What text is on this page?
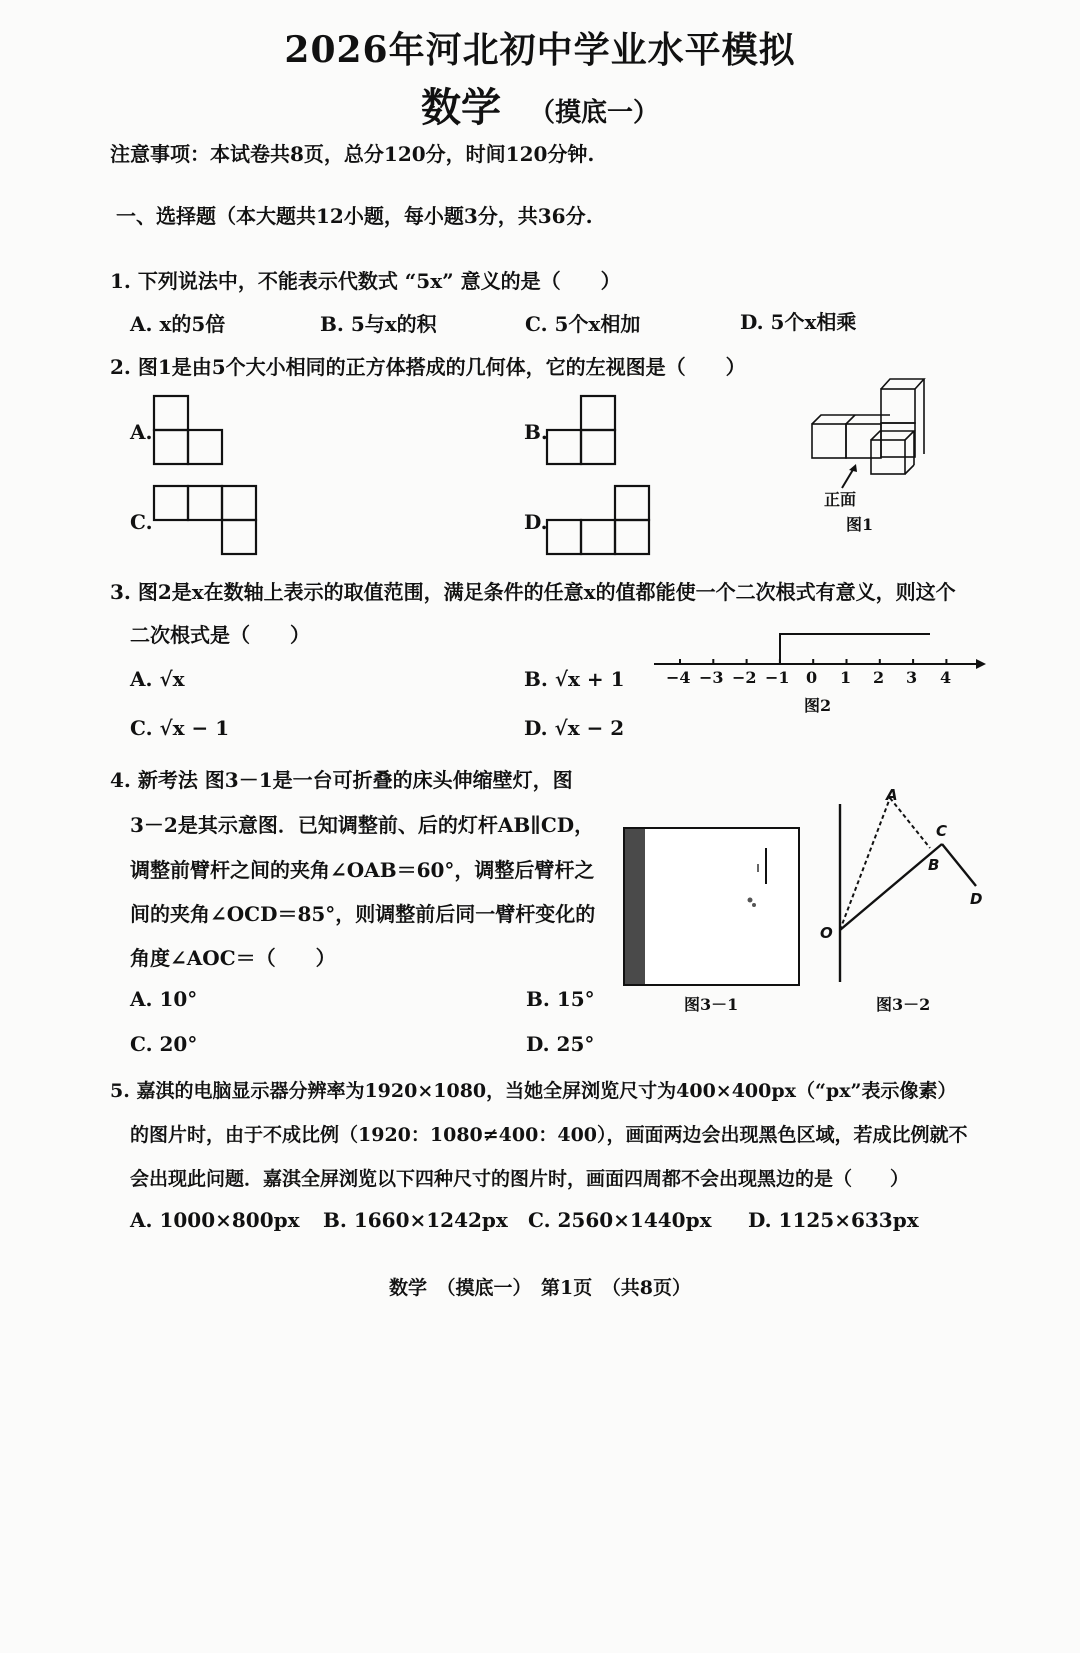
2026年河北初中学业水平模拟
数学 （摸底一）
注意事项：本试卷共8页，总分120分，时间120分钟.
一、选择题（本大题共12小题，每小题3分，共36分.
1. 下列说法中，不能表示代数式 “5x” 意义的是（　　）
A. x的5倍	B. 5与x的积	C. 5个x相加	D. 5个x相乘
2. 图1是由5个大小相同的正方体搭成的几何体，它的左视图是（　　）
A.	B.
C.	D.
正面
图1
3. 图2是x在数轴上表示的取值范围，满足条件的任意x的值都能使一个二次根式有意义，则这个
二次根式是（　　）
A. √x	B. √x + 1
C. √x − 1	D. √x − 2
−4 −3 −2 −1 0 1 2 3 4
图2
4. 新考法 图3－1是一台可折叠的床头伸缩壁灯，图
3－2是其示意图．已知调整前、后的灯杆AB∥CD，
调整前臂杆之间的夹角∠OAB＝60°，调整后臂杆之
间的夹角∠OCD＝85°，则调整前后同一臂杆变化的
角度∠AOC＝（　　）
A. 10°	B. 15°
C. 20°	D. 25°
图3－1
A
C
B
D
O
图3－2
5. 嘉淇的电脑显示器分辨率为1920×1080，当她全屏浏览尺寸为400×400px（“px”表示像素）
的图片时，由于不成比例（1920：1080≠400：400），画面两边会出现黑色区域，若成比例就不
会出现此问题．嘉淇全屏浏览以下四种尺寸的图片时，画面四周都不会出现黑边的是（　　）
A. 1000×800px B. 1660×1242px C. 2560×1440px D. 1125×633px
数学　（摸底一）　第1页　（共8页）
